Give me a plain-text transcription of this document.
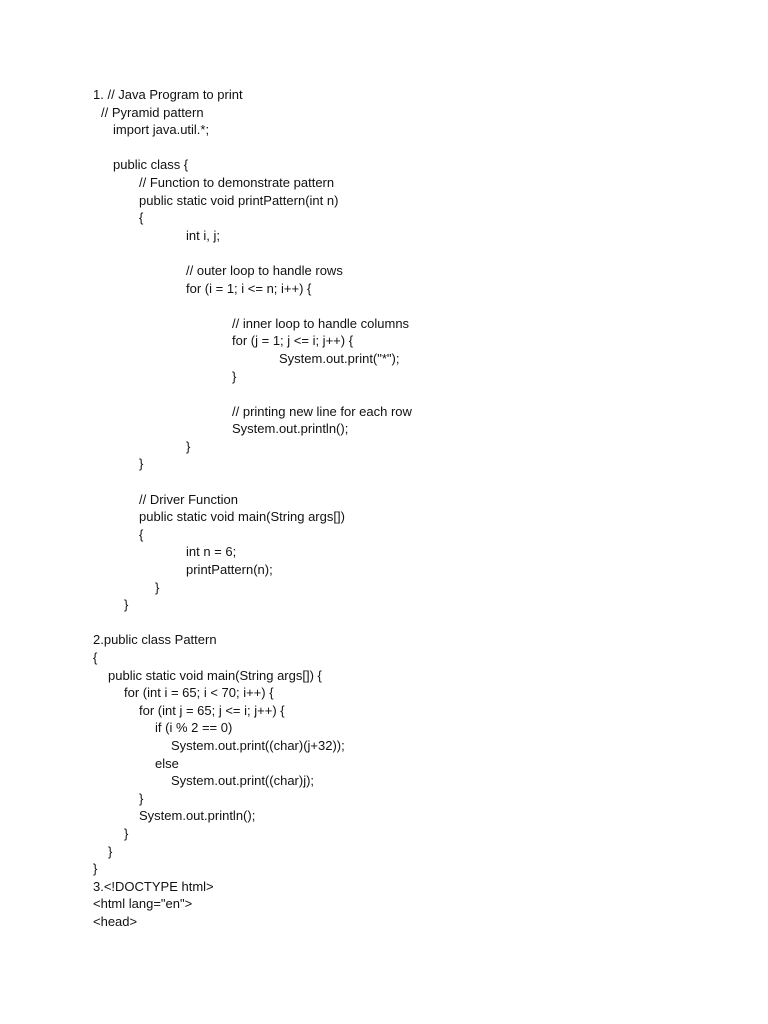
1. // Java Program to print
// Pyramid pattern
import java.util.*;
public class {
// Function to demonstrate pattern
public static void printPattern(int n)
{
int i, j;
// outer loop to handle rows
for (i = 1; i <= n; i++) {
// inner loop to handle columns
for (j = 1; j <= i; j++) {
System.out.print("*");
}
// printing new line for each row
System.out.println();
}
}
// Driver Function
public static void main(String args[])
{
int n = 6;
printPattern(n);
}
}
2.public class Pattern
{
public static void main(String args[]) {
for (int i = 65; i < 70; i++) {
for (int j = 65; j <= i; j++) {
if (i % 2 == 0)
System.out.print((char)(j+32));
else
System.out.print((char)j);
}
System.out.println();
}
}
}
3.<!DOCTYPE html>
<html lang="en">
<head>
